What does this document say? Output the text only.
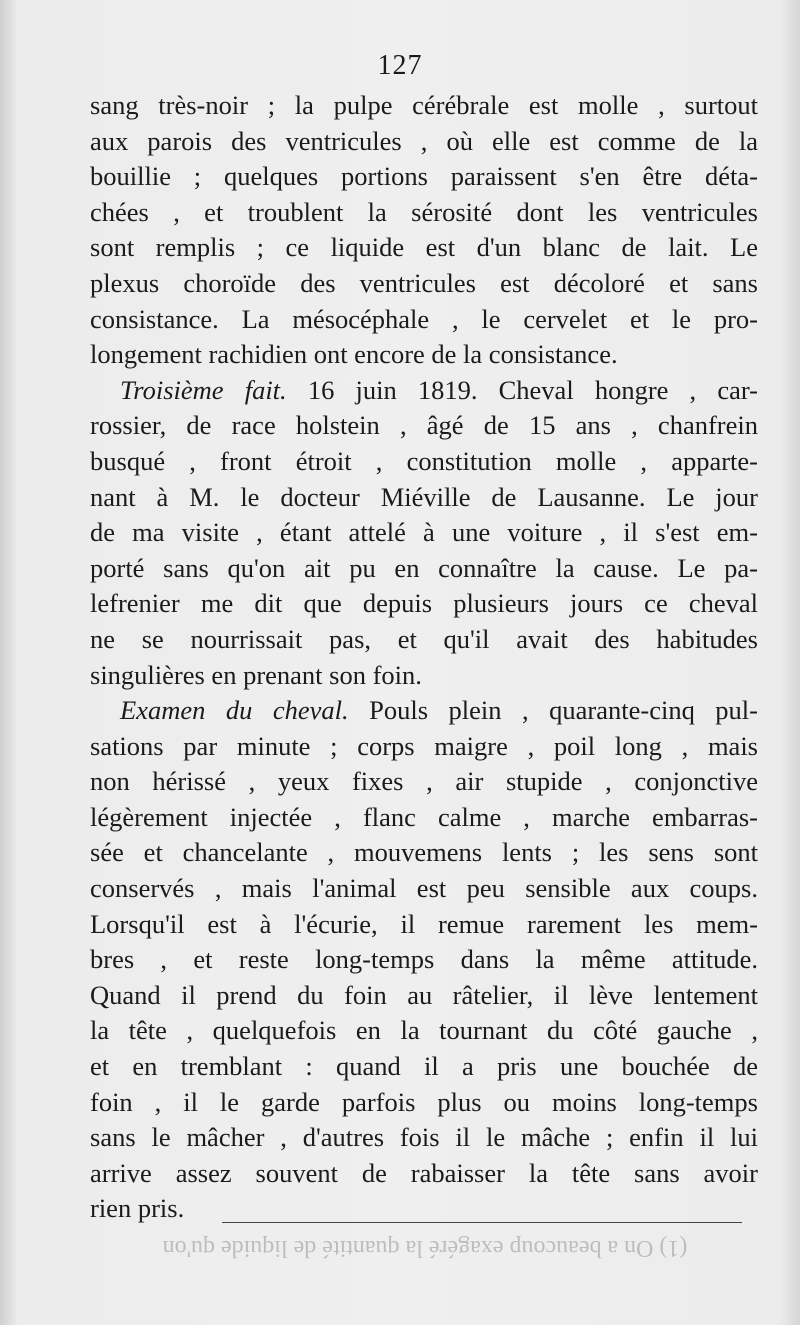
127
sang très-noir ; la pulpe cérébrale est molle , surtout
aux parois des ventricules , où elle est comme de la
bouillie ; quelques portions paraissent s'en être déta-
chées , et troublent la sérosité dont les ventricules
sont remplis ; ce liquide est d'un blanc de lait. Le
plexus choroïde des ventricules est décoloré et sans
consistance. La mésocéphale , le cervelet et le pro-
longement rachidien ont encore de la consistance.
Troisième fait. 16 juin 1819. Cheval hongre , car-
rossier, de race holstein , âgé de 15 ans , chanfrein
busqué , front étroit , constitution molle , apparte-
nant à M. le docteur Miéville de Lausanne. Le jour
de ma visite , étant attelé à une voiture , il s'est em-
porté sans qu'on ait pu en connaître la cause. Le pa-
lefrenier me dit que depuis plusieurs jours ce cheval
ne se nourrissait pas, et qu'il avait des habitudes
singulières en prenant son foin.
Examen du cheval. Pouls plein , quarante-cinq pul-
sations par minute ; corps maigre , poil long , mais
non hérissé , yeux fixes , air stupide , conjonctive
légèrement injectée , flanc calme , marche embarras-
sée et chancelante , mouvemens lents ; les sens sont
conservés , mais l'animal est peu sensible aux coups.
Lorsqu'il est à l'écurie, il remue rarement les mem-
bres , et reste long-temps dans la même attitude.
Quand il prend du foin au râtelier, il lève lentement
la tête , quelquefois en la tournant du côté gauche ,
et en tremblant : quand il a pris une bouchée de
foin , il le garde parfois plus ou moins long-temps
sans le mâcher , d'autres fois il le mâche ; enfin il lui
arrive assez souvent de rabaisser la tête sans avoir
rien pris.
(1) On a beaucoup exagéré la quantité de liquide qu'on
